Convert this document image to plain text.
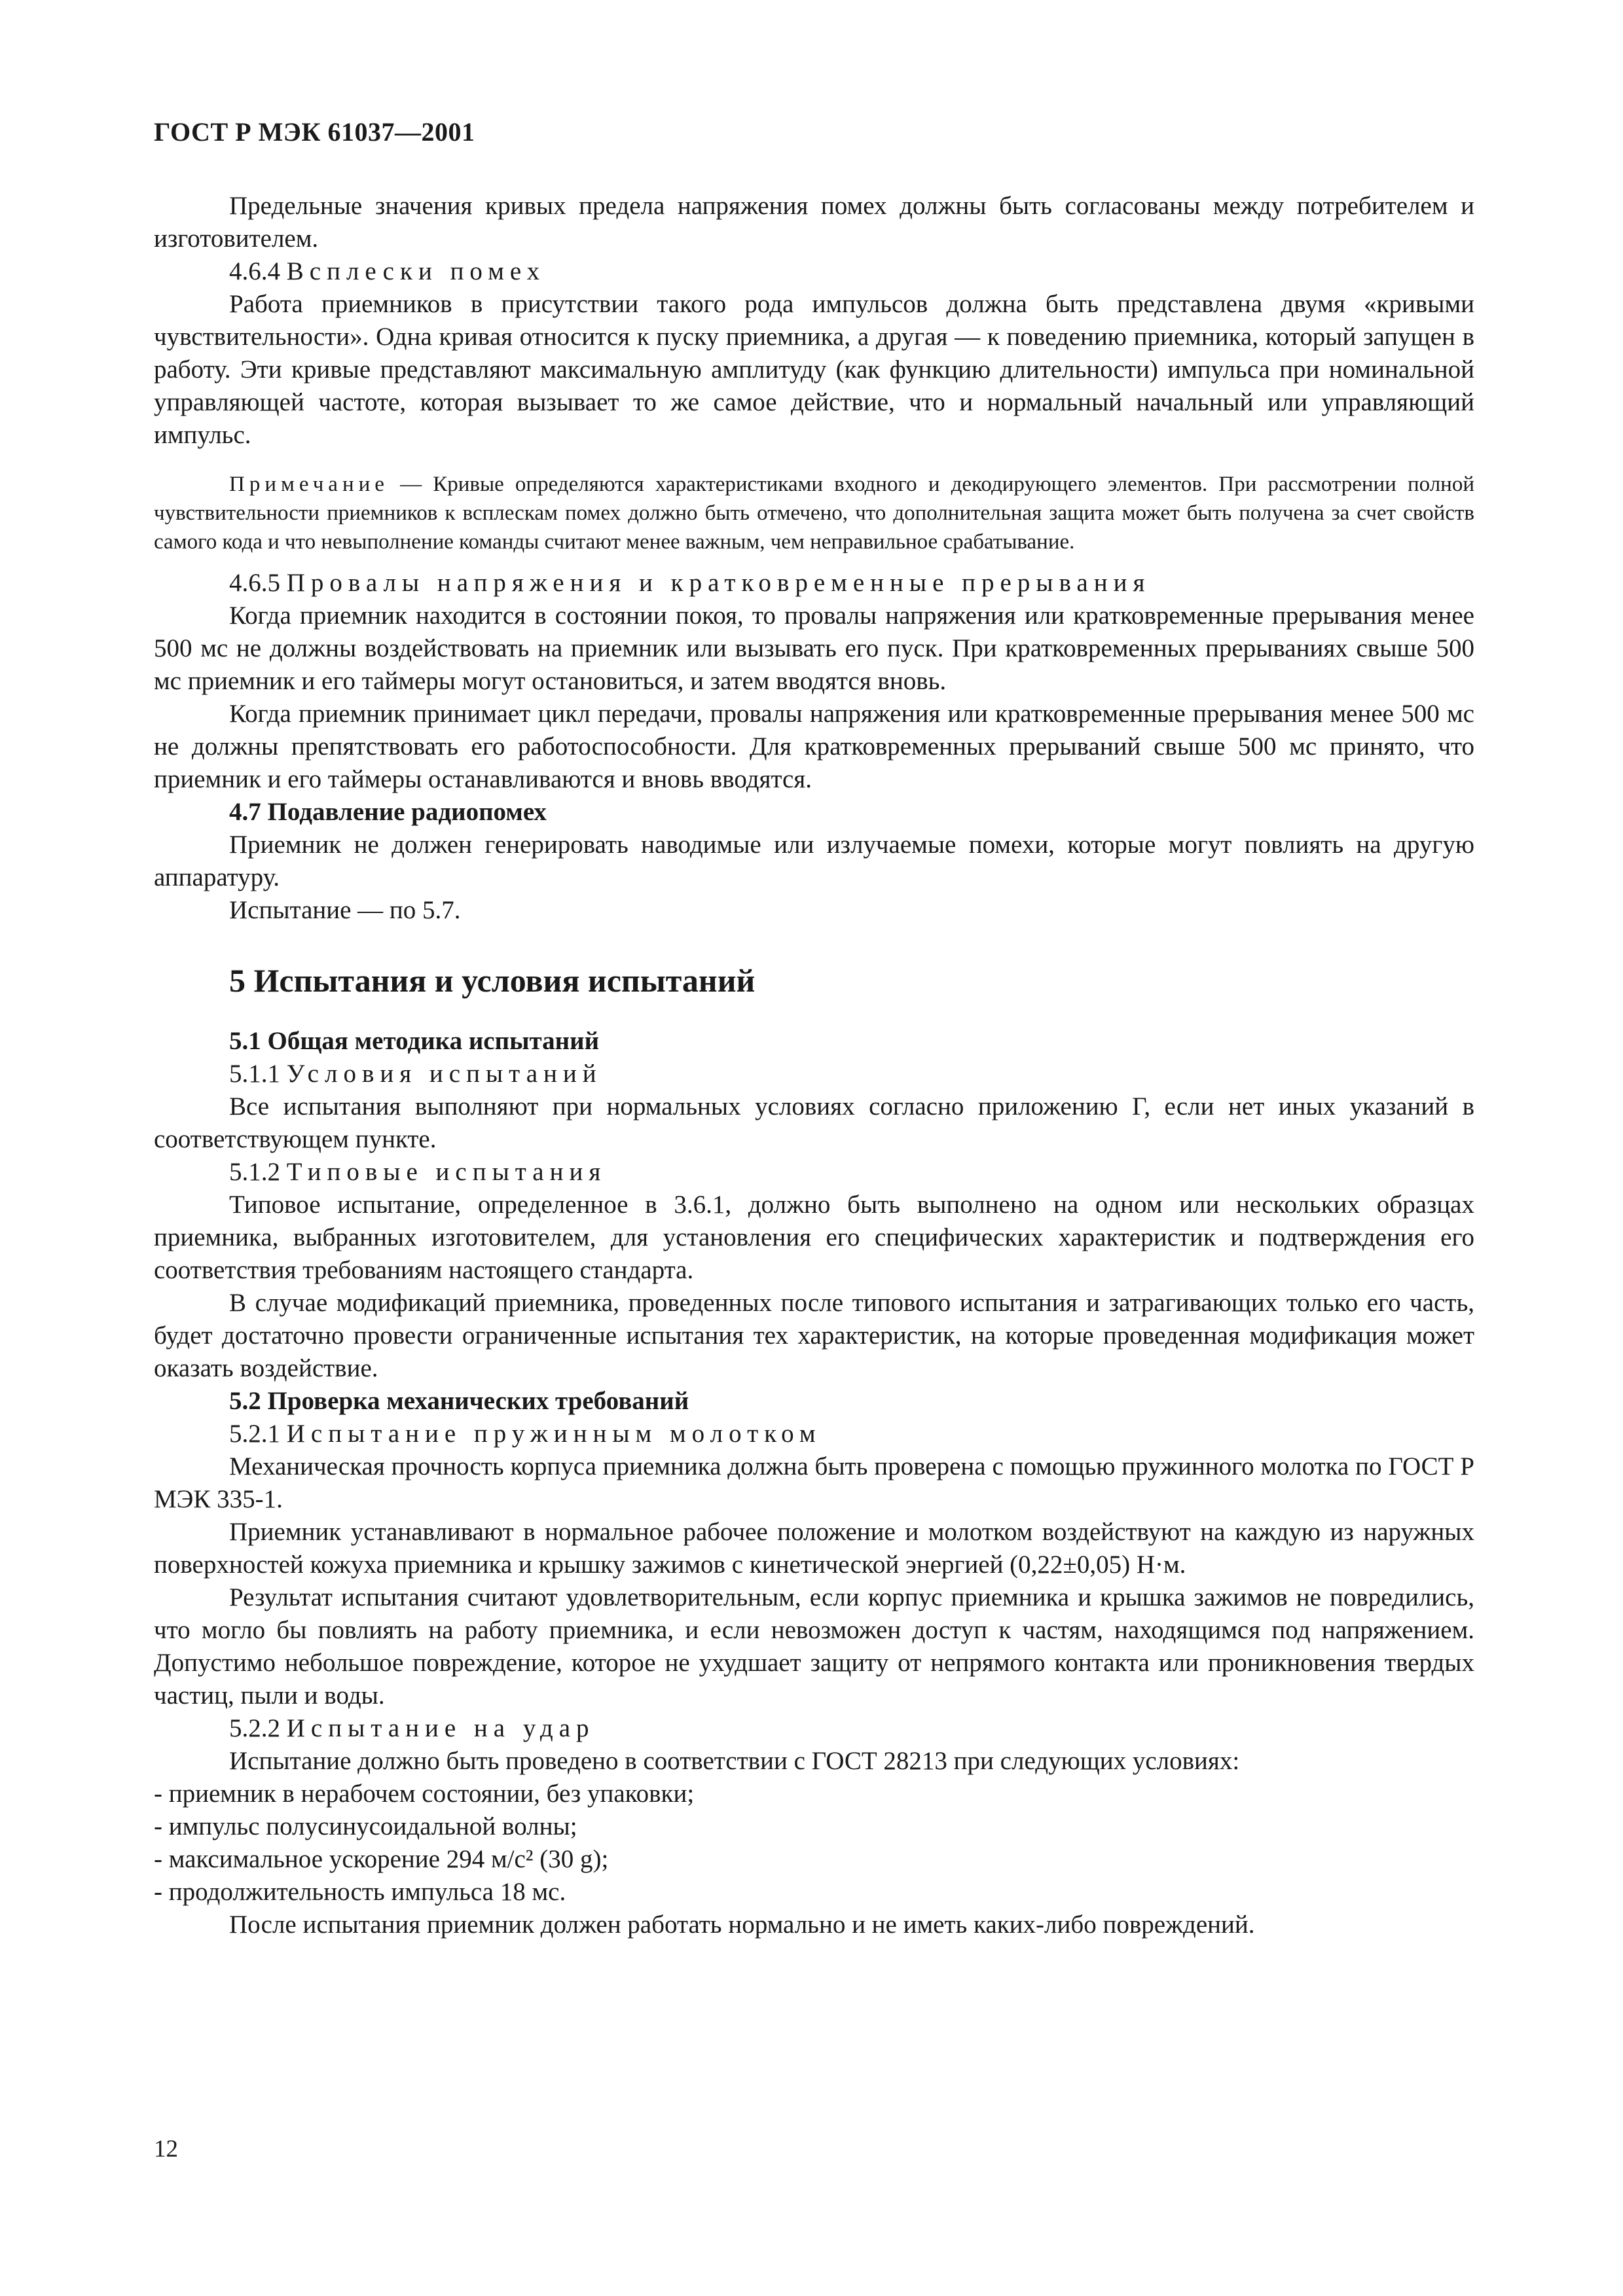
ГОСТ Р МЭК 61037—2001

Предельные значения кривых предела напряжения помех должны быть согласованы между потребителем и изготовителем.

4.6.4 Всплески помех

Работа приемников в присутствии такого рода импульсов должна быть представлена двумя «кривыми чувствительности». Одна кривая относится к пуску приемника, а другая — к поведению приемника, который запущен в работу. Эти кривые представляют максимальную амплитуду (как функцию длительности) импульса при номинальной управляющей частоте, которая вызывает то же самое действие, что и нормальный начальный или управляющий импульс.

Примечание — Кривые определяются характеристиками входного и декодирующего элементов. При рассмотрении полной чувствительности приемников к всплескам помех должно быть отмечено, что дополнительная защита может быть получена за счет свойств самого кода и что невыполнение команды считают менее важным, чем неправильное срабатывание.

4.6.5 Провалы напряжения и кратковременные прерывания

Когда приемник находится в состоянии покоя, то провалы напряжения или кратковременные прерывания менее 500 мс не должны воздействовать на приемник или вызывать его пуск. При кратковременных прерываниях свыше 500 мс приемник и его таймеры могут остановиться, и затем вводятся вновь.

Когда приемник принимает цикл передачи, провалы напряжения или кратковременные прерывания менее 500 мс не должны препятствовать его работоспособности. Для кратковременных прерываний свыше 500 мс принято, что приемник и его таймеры останавливаются и вновь вводятся.

4.7 Подавление радиопомех

Приемник не должен генерировать наводимые или излучаемые помехи, которые могут повлиять на другую аппаратуру.

Испытание — по 5.7.

5 Испытания и условия испытаний

5.1 Общая методика испытаний

5.1.1 Условия испытаний

Все испытания выполняют при нормальных условиях согласно приложению Г, если нет иных указаний в соответствующем пункте.

5.1.2 Типовые испытания

Типовое испытание, определенное в 3.6.1, должно быть выполнено на одном или нескольких образцах приемника, выбранных изготовителем, для установления его специфических характеристик и подтверждения его соответствия требованиям настоящего стандарта.

В случае модификаций приемника, проведенных после типового испытания и затрагивающих только его часть, будет достаточно провести ограниченные испытания тех характеристик, на которые проведенная модификация может оказать воздействие.

5.2 Проверка механических требований

5.2.1 Испытание пружинным молотком

Механическая прочность корпуса приемника должна быть проверена с помощью пружинного молотка по ГОСТ Р МЭК 335-1.

Приемник устанавливают в нормальное рабочее положение и молотком воздействуют на каждую из наружных поверхностей кожуха приемника и крышку зажимов с кинетической энергией (0,22±0,05) Н·м.

Результат испытания считают удовлетворительным, если корпус приемника и крышка зажимов не повредились, что могло бы повлиять на работу приемника, и если невозможен доступ к частям, находящимся под напряжением. Допустимо небольшое повреждение, которое не ухудшает защиту от непрямого контакта или проникновения твердых частиц, пыли и воды.

5.2.2 Испытание на удар

Испытание должно быть проведено в соответствии с ГОСТ 28213 при следующих условиях:

- приемник в нерабочем состоянии, без упаковки;

- импульс полусинусоидальной волны;

- максимальное ускорение 294 м/с² (30 g);

- продолжительность импульса 18 мс.

После испытания приемник должен работать нормально и не иметь каких-либо повреждений.

12
